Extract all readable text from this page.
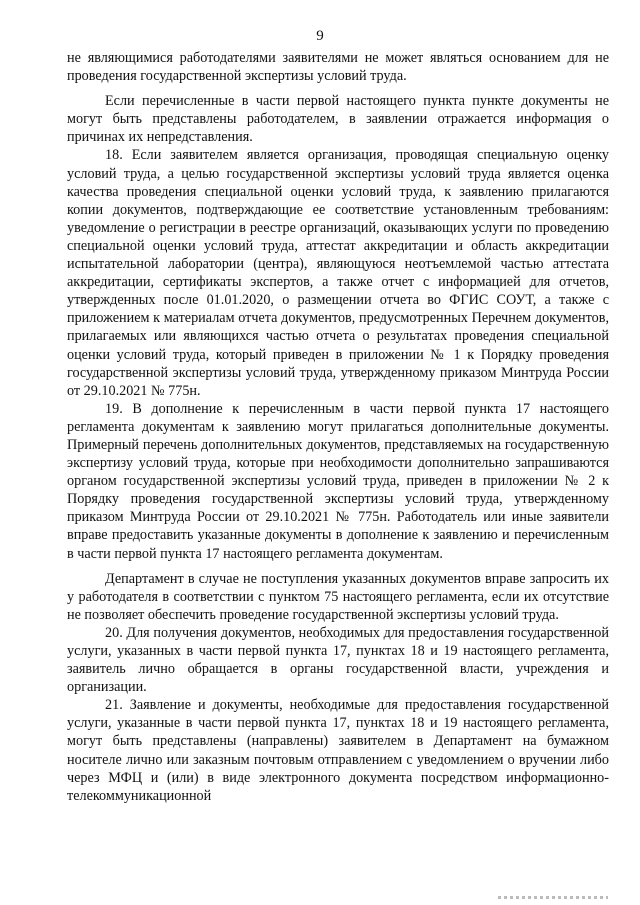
9

не являющимися работодателями заявителями не может являться основанием для не проведения государственной экспертизы условий труда.

Если перечисленные в части первой настоящего пункта пункте документы не могут быть представлены работодателем, в заявлении отражается информация о причинах их непредставления.

18. Если заявителем является организация, проводящая специальную оценку условий труда, а целью государственной экспертизы условий труда является оценка качества проведения специальной оценки условий труда, к заявлению прилагаются копии документов, подтверждающие ее соответствие установленным требованиям: уведомление о регистрации в реестре организаций, оказывающих услуги по проведению специальной оценки условий труда, аттестат аккредитации и область аккредитации испытательной лаборатории (центра), являющуюся неотъемлемой частью аттестата аккредитации, сертификаты экспертов, а также отчет с информацией для отчетов, утвержденных после 01.01.2020, о размещении отчета во ФГИС СОУТ, а также с приложением к материалам отчета документов, предусмотренных Перечнем документов, прилагаемых или являющихся частью отчета о результатах проведения специальной оценки условий труда, который приведен в приложении № 1 к Порядку проведения государственной экспертизы условий труда, утвержденному приказом Минтруда России от 29.10.2021 № 775н.

19. В дополнение к перечисленным в части первой пункта 17 настоящего регламента документам к заявлению могут прилагаться дополнительные документы. Примерный перечень дополнительных документов, представляемых на государственную экспертизу условий труда, которые при необходимости дополнительно запрашиваются органом государственной экспертизы условий труда, приведен в приложении № 2 к Порядку проведения государственной экспертизы условий труда, утвержденному приказом Минтруда России от 29.10.2021 № 775н. Работодатель или иные заявители вправе предоставить указанные документы в дополнение к заявлению и перечисленным в части первой пункта 17 настоящего регламента документам.

Департамент в случае не поступления указанных документов вправе запросить их у работодателя в соответствии с пунктом 75 настоящего регламента, если их отсутствие не позволяет обеспечить проведение государственной экспертизы условий труда.

20. Для получения документов, необходимых для предоставления государственной услуги, указанных в части первой пункта 17, пунктах 18 и 19 настоящего регламента, заявитель лично обращается в органы государственной власти, учреждения и организации.

21. Заявление и документы, необходимые для предоставления государственной услуги, указанные в части первой пункта 17, пунктах 18 и 19 настоящего регламента, могут быть представлены (направлены) заявителем в Департамент на бумажном носителе лично или заказным почтовым отправлением с уведомлением о вручении либо через МФЦ и (или) в виде электронного документа посредством информационно-телекоммуникационной
